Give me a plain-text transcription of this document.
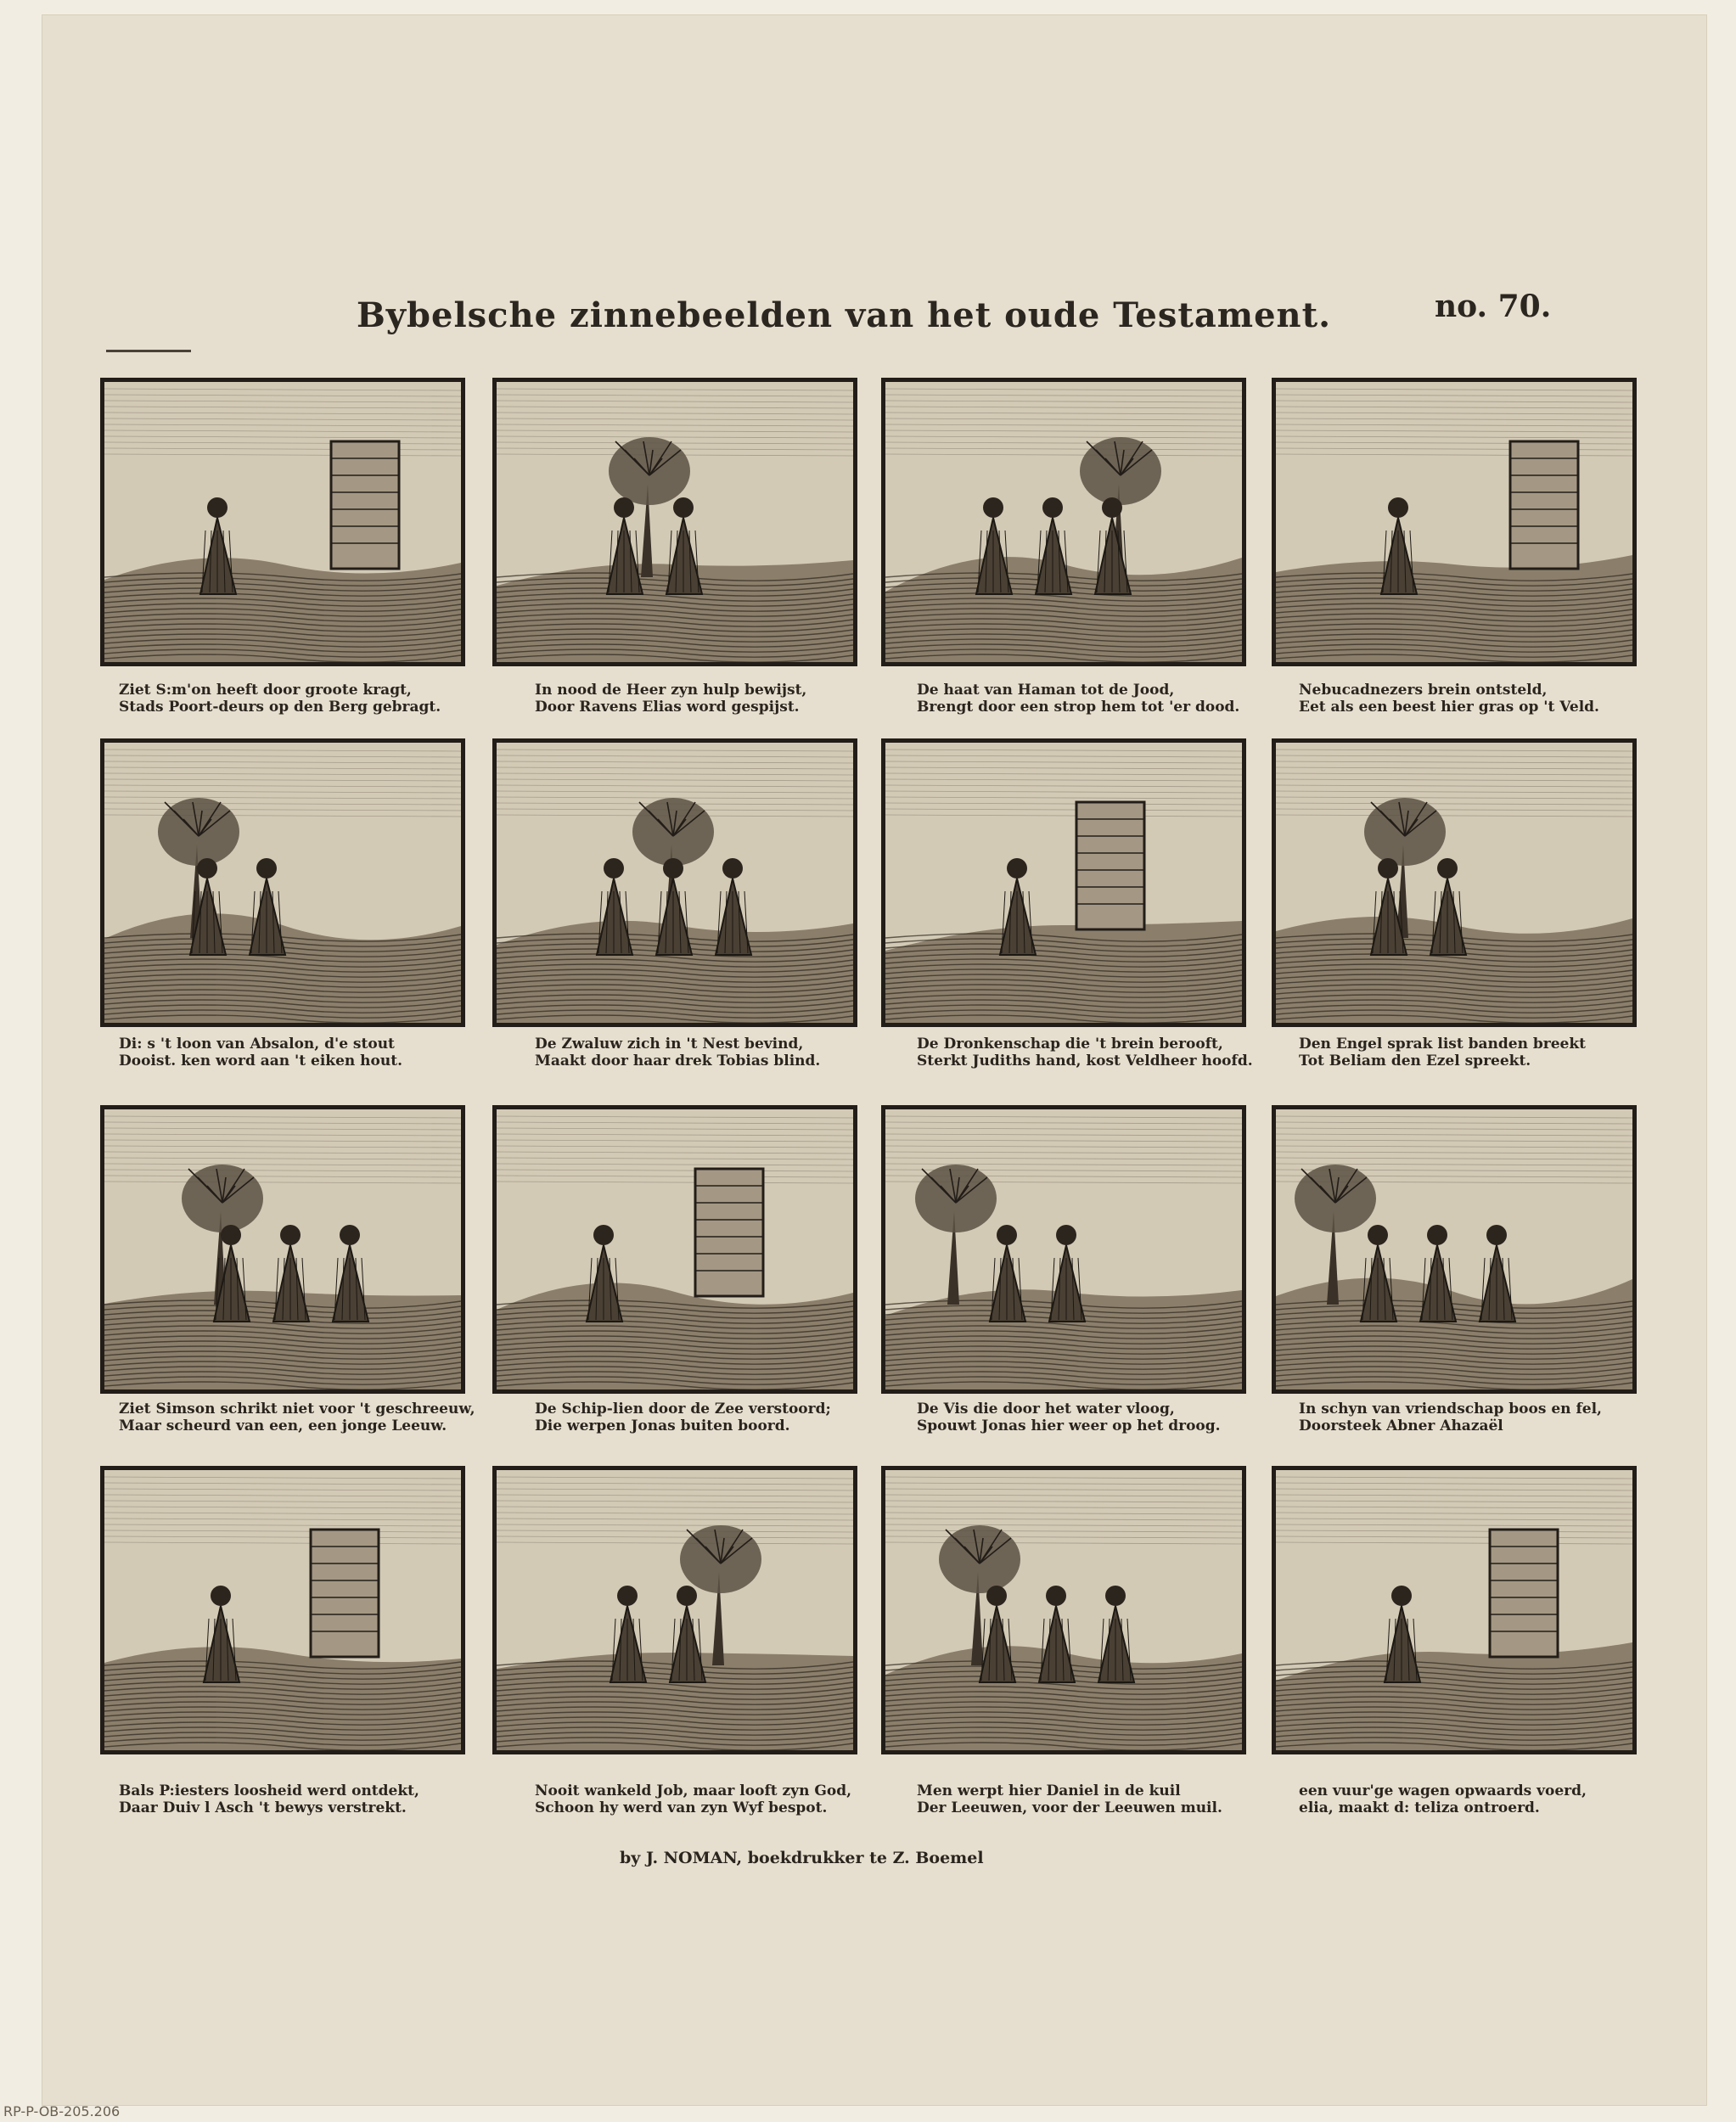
Bybelsche zinnebeelden van het oude Testament.	no. 70.
Ziet S:m'on heeft door groote kragt,
Stads Poort-deurs op den Berg gebragt.
In nood de Heer zyn hulp bewijst,
Door Ravens Elias word gespijst.
De haat van Haman tot de Jood,
Brengt door een strop hem tot 'er dood.
Nebucadnezers brein ontsteld,
Eet als een beest hier gras op 't Veld.
Di: s 't loon van Absalon, d'e stout
Dooist. ken word aan 't eiken hout.
De Zwaluw zich in 't Nest bevind,
Maakt door haar drek Tobias blind.
De Dronkenschap die 't brein berooft,
Sterkt Judiths hand, kost Veldheer hoofd.
Den Engel sprak list banden breekt
Tot Beliam den Ezel spreekt.
Ziet Simson schrikt niet voor 't geschreeuw,
Maar scheurd van een, een jonge Leeuw.
De Schip-lien door de Zee verstoord;
Die werpen Jonas buiten boord.
De Vis die door het water vloog,
Spouwt Jonas hier weer op het droog.
In schyn van vriendschap boos en fel,
Doorsteek Abner Ahazaël
Bals P:iesters loosheid werd ontdekt,
Daar Duiv l Asch 't bewys verstrekt.
Nooit wankeld Job, maar looft zyn God,
Schoon hy werd van zyn Wyf bespot.
Men werpt hier Daniel in de kuil
Der Leeuwen, voor der Leeuwen muil.
een vuur'ge wagen opwaards voerd,
elia, maakt d: teliza ontroerd.
by J. NOMAN, boekdrukker te Z. Boemel
RP-P-OB-205.206
